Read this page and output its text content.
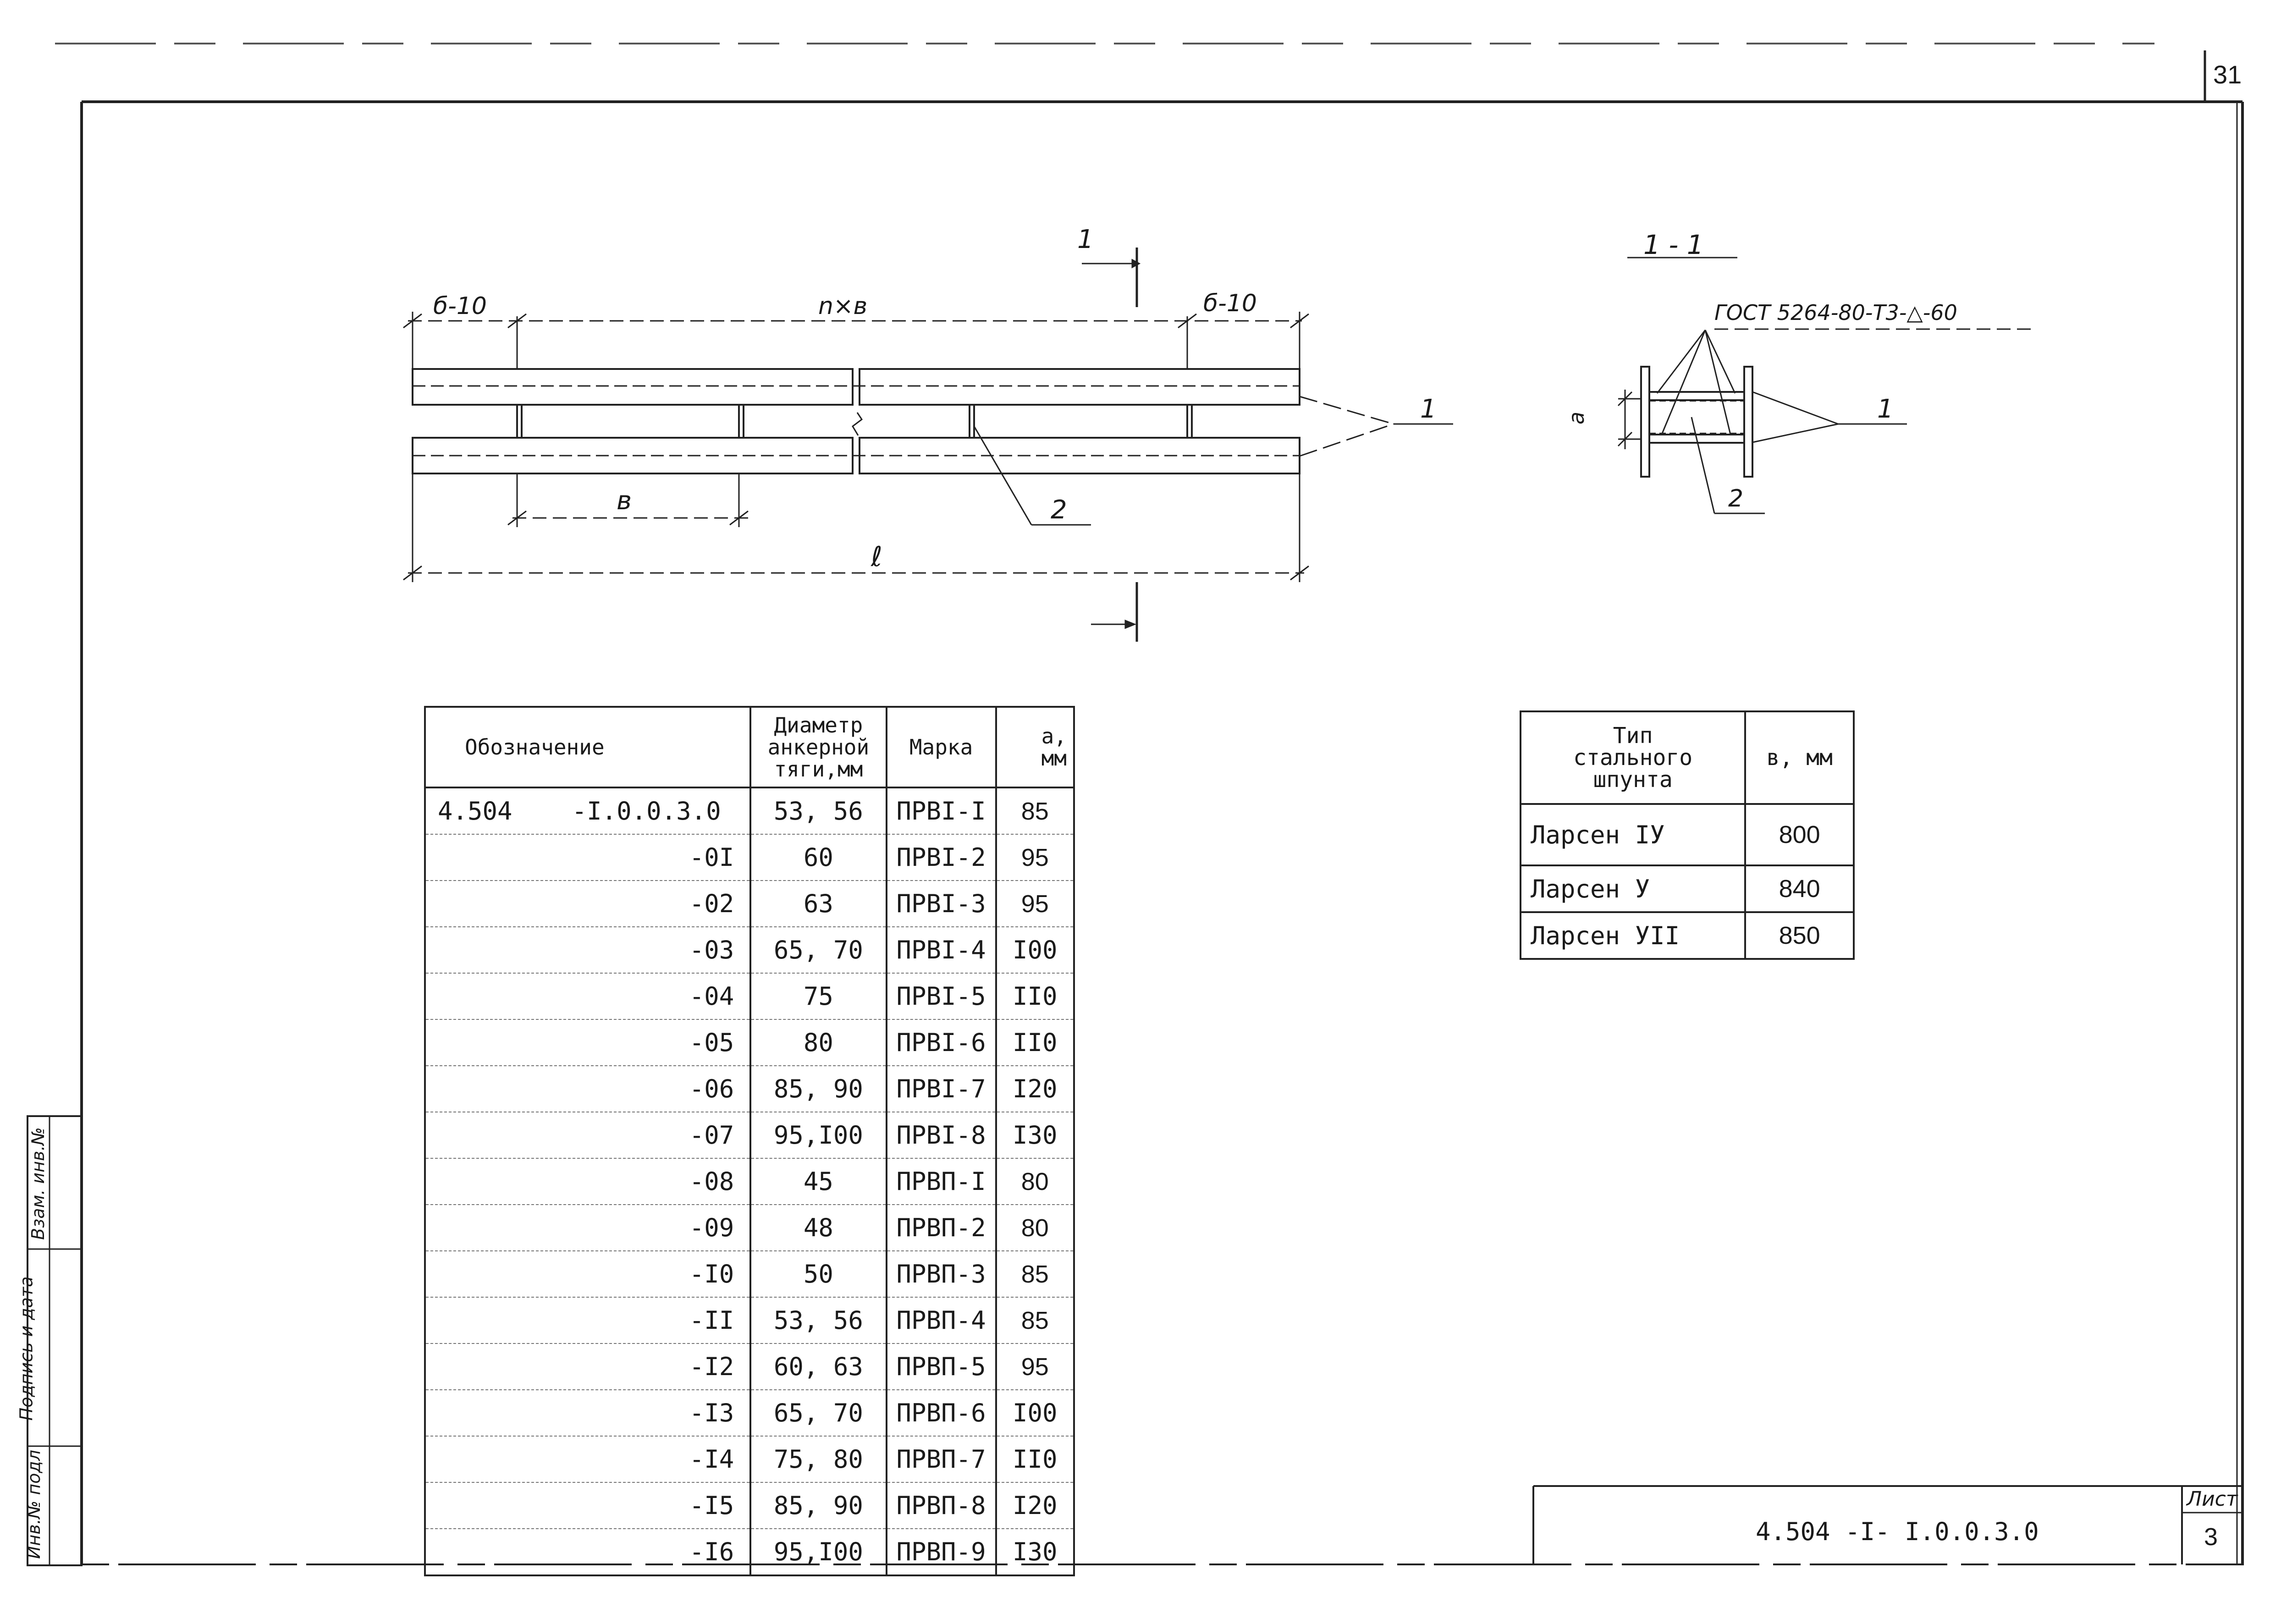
31
б-10	n×в	б-10
в
ℓ
1
2
1	1 - 1
ГОСТ 5264-80-Т3-△-60
а	1
2
Обозначение	Диаметр анкерной тяги,мм	Марка	а, мм
4.504    -I.0.0.3.0	53, 56	ПРВI-I	85
-0I	60	ПРВI-2	95
-02	63	ПРВI-3	95
-03	65, 70	ПРВI-4	I00
-04	75	ПРВI-5	II0
-05	80	ПРВI-6	II0
-06	85, 90	ПРВI-7	I20
-07	95,I00	ПРВI-8	I30
-08	45	ПРВП-I	80
-09	48	ПРВП-2	80
-I0	50	ПРВП-3	85
-II	53, 56	ПРВП-4	85
-I2	60, 63	ПРВП-5	95
-I3	65, 70	ПРВП-6	I00
-I4	75, 80	ПРВП-7	II0
-I5	85, 90	ПРВП-8	I20
-I6	95,I00	ПРВП-9	I30
Тип стального шпунта	в, мм
Ларсен IУ	800
Ларсен У	840
Ларсен УII	850
Инв.№ подл
Подпись и дата
Взам. инв.№
4.504 -I- I.0.0.3.0
Лист
3
